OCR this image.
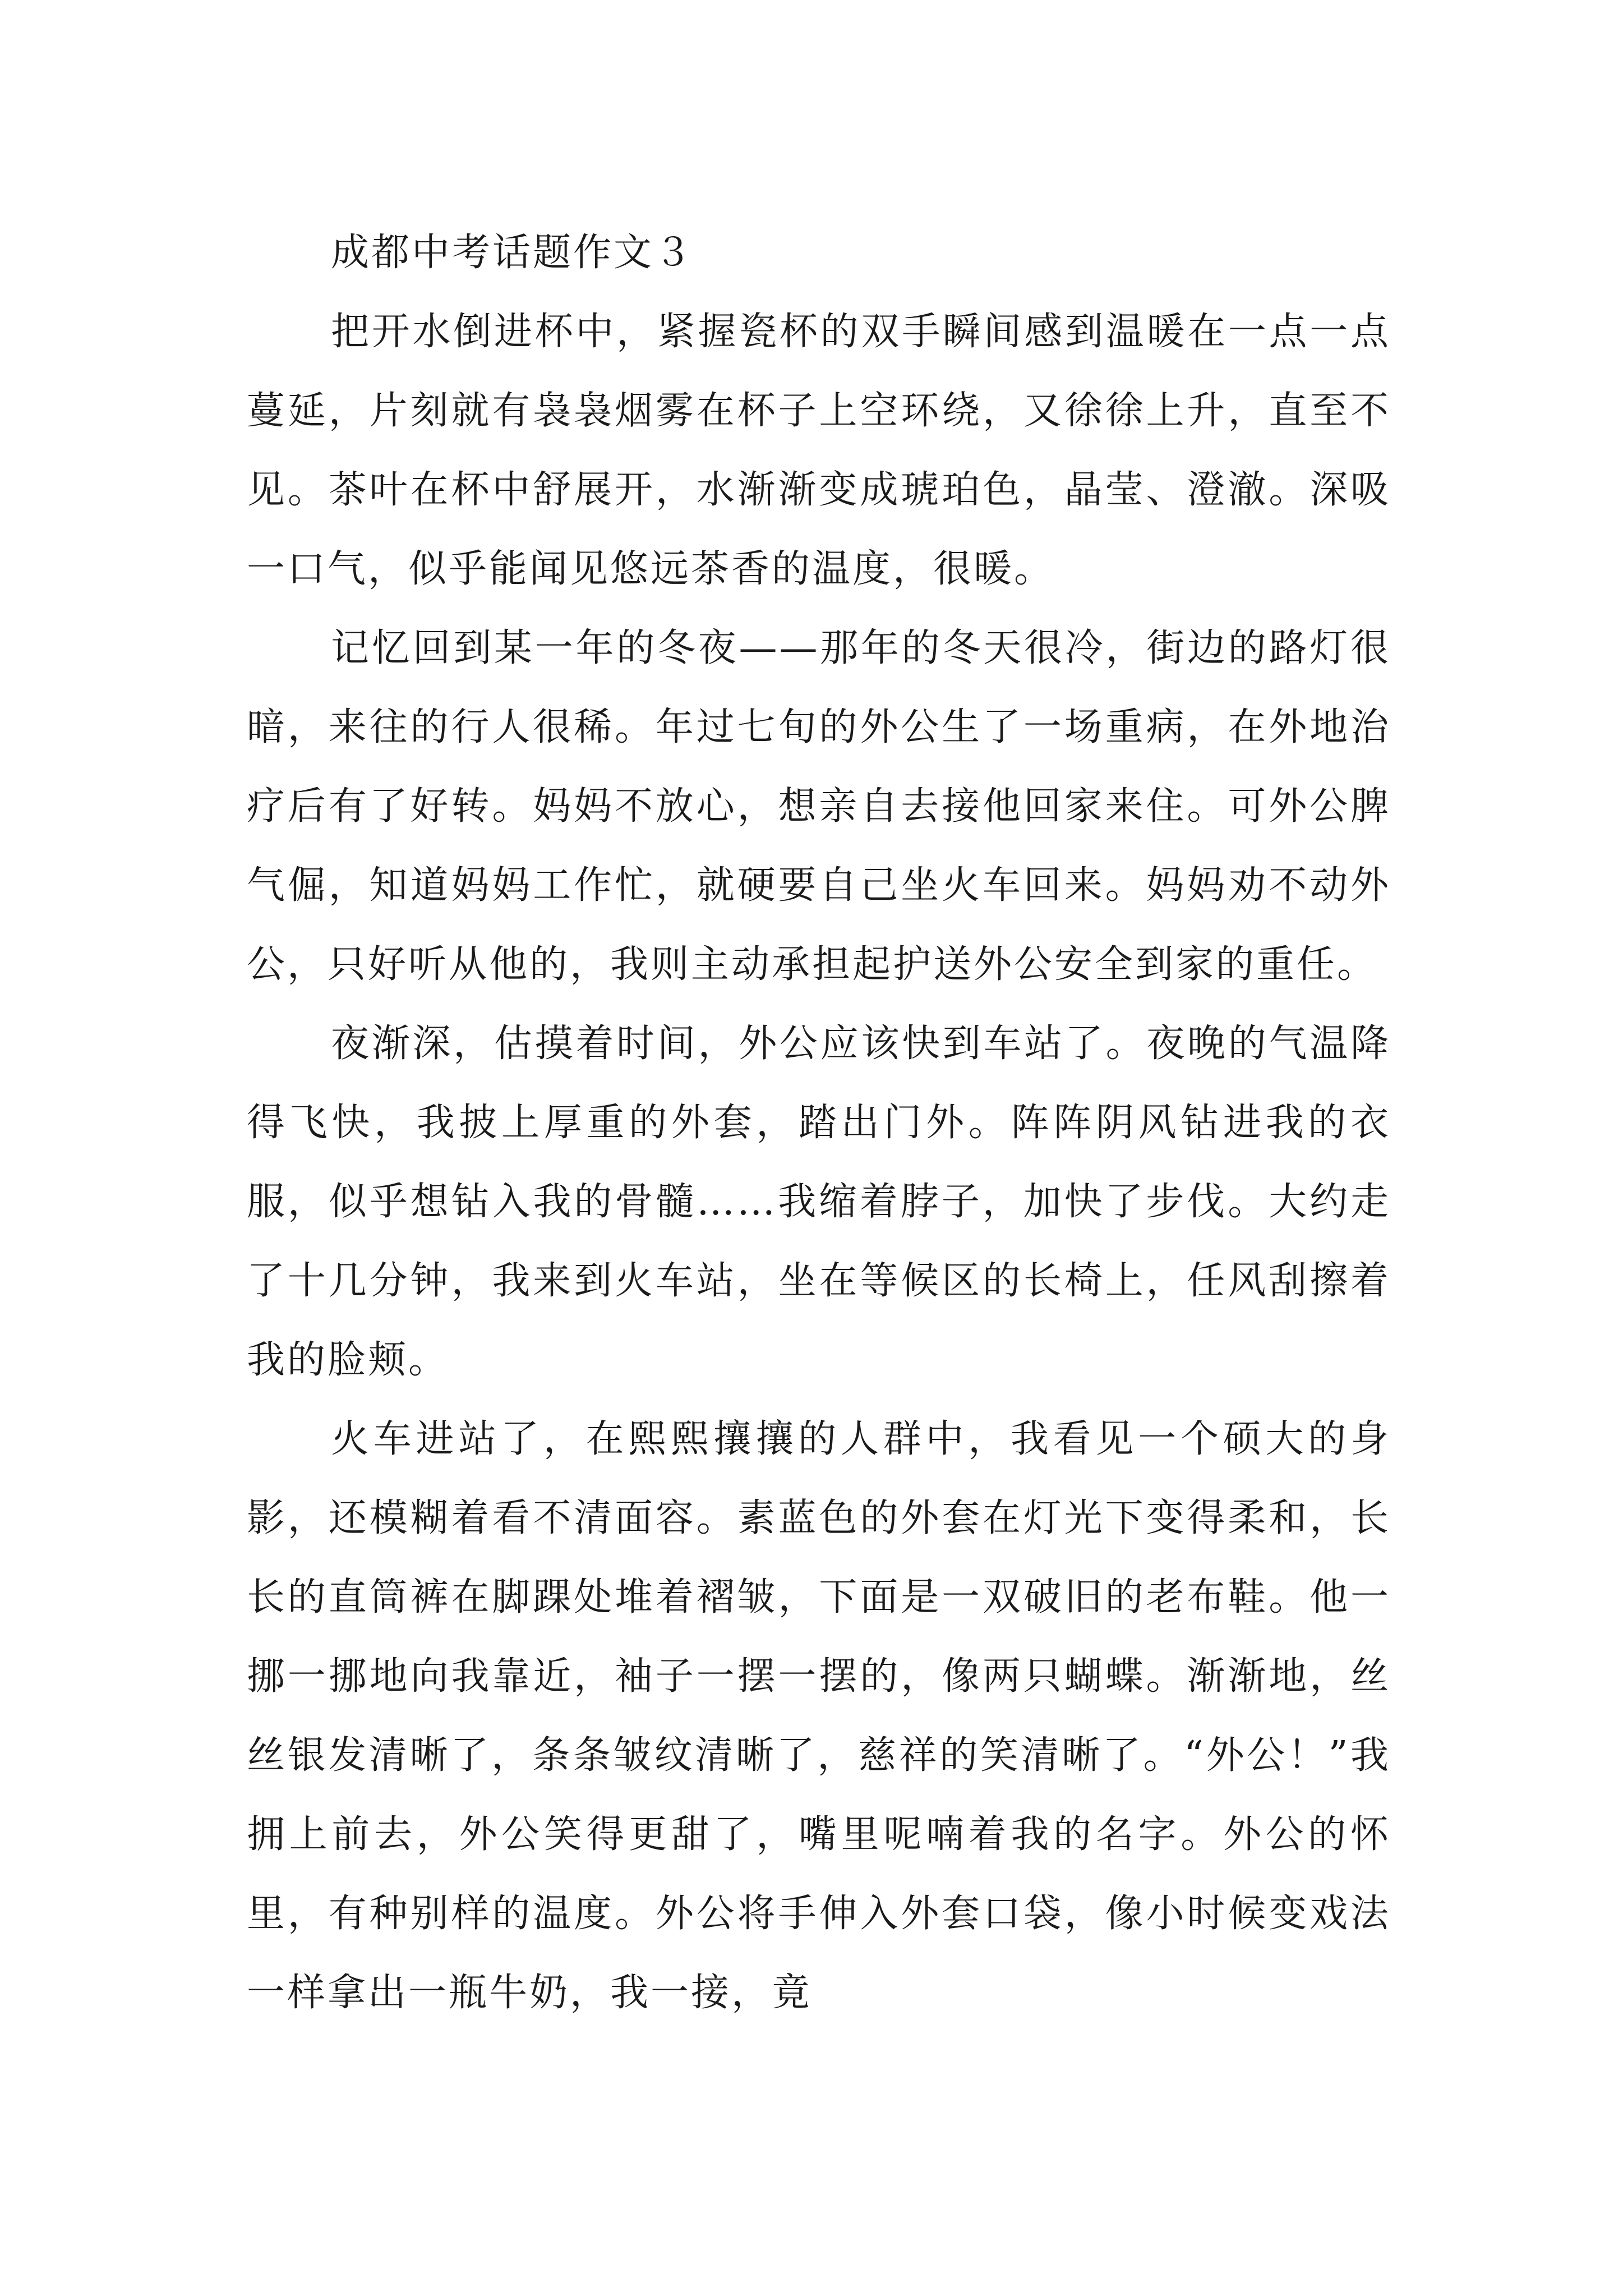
成都中考话题作文３

把开水倒进杯中，紧握瓷杯的双手瞬间感到温暖在一点一点蔓延，片刻就有袅袅烟雾在杯子上空环绕，又徐徐上升，直至不见。茶叶在杯中舒展开，水渐渐变成琥珀色，晶莹、澄澈。深吸一口气，似乎能闻见悠远茶香的温度，很暖。

记忆回到某一年的冬夜——那年的冬天很冷，街边的路灯很暗，来往的行人很稀。年过七旬的外公生了一场重病，在外地治疗后有了好转。妈妈不放心，想亲自去接他回家来住。可外公脾气倔，知道妈妈工作忙，就硬要自己坐火车回来。妈妈劝不动外公，只好听从他的，我则主动承担起护送外公安全到家的重任。

夜渐深，估摸着时间，外公应该快到车站了。夜晚的气温降得飞快，我披上厚重的外套，踏出门外。阵阵阴风钻进我的衣服，似乎想钻入我的骨髓……我缩着脖子，加快了步伐。大约走了十几分钟，我来到火车站，坐在等候区的长椅上，任风刮擦着我的脸颊。

火车进站了，在熙熙攘攘的人群中，我看见一个硕大的身影，还模糊着看不清面容。素蓝色的外套在灯光下变得柔和，长长的直筒裤在脚踝处堆着褶皱，下面是一双破旧的老布鞋。他一挪一挪地向我靠近，袖子一摆一摆的，像两只蝴蝶。渐渐地，丝丝银发清晰了，条条皱纹清晰了，慈祥的笑清晰了。“外公！”我拥上前去，外公笑得更甜了，嘴里呢喃着我的名字。外公的怀里，有种别样的温度。外公将手伸入外套口袋，像小时候变戏法一样拿出一瓶牛奶，我一接，竟
